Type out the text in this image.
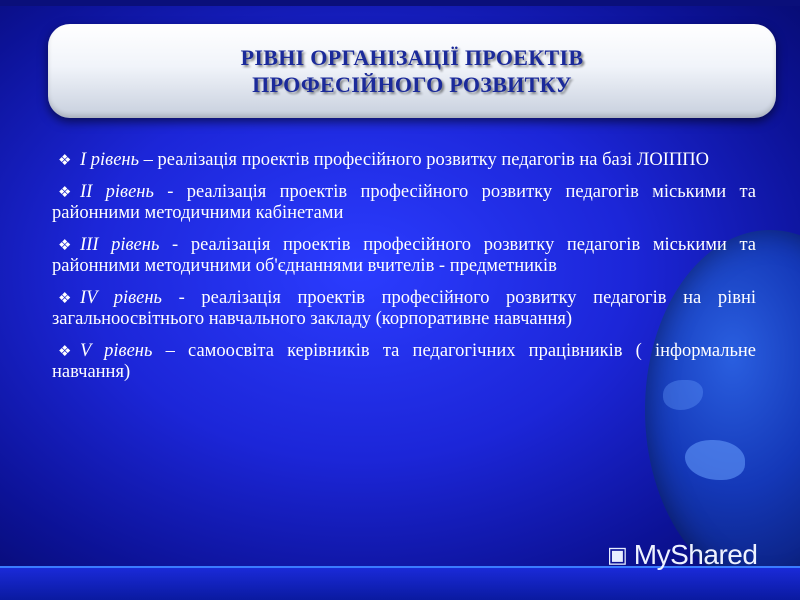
РІВНІ ОРГАНІЗАЦІЇ ПРОЕКТІВ
ПРОФЕСІЙНОГО РОЗВИТКУ
❖ I рівень – реалізація проектів професійного розвитку педагогів на базі ЛОІППО
❖ II рівень - реалізація проектів професійного розвитку педагогів міськими та районними методичними кабінетами
❖ III рівень - реалізація проектів професійного розвитку педагогів міськими та районними методичними об'єднаннями вчителів - предметників
❖ IV рівень - реалізація проектів професійного розвитку педагогів на рівні загальноосвітнього навчального закладу (корпоративне навчання)
❖ V рівень – самоосвіта керівників та педагогічних працівників ( інформальне навчання)
▣ MyShared
